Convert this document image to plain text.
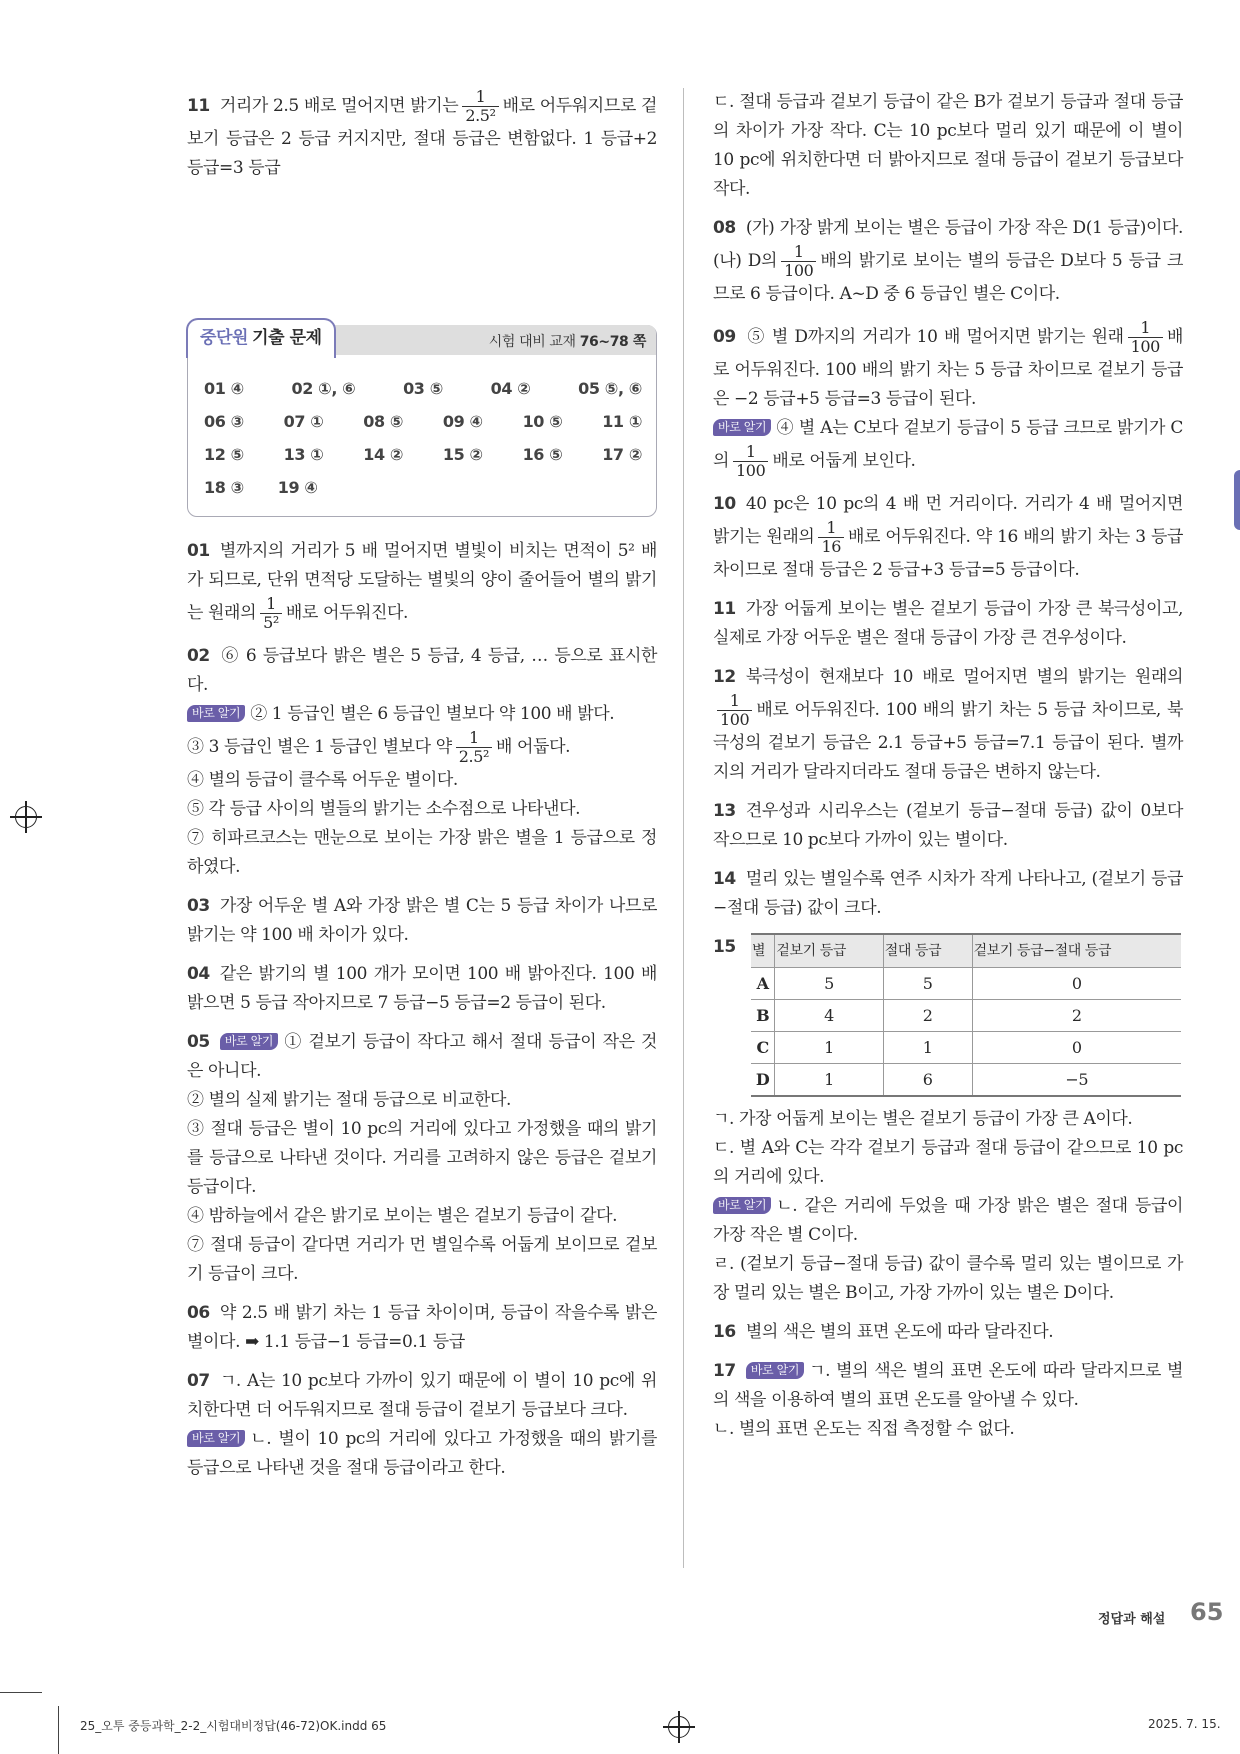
11 거리가 2.5 배로 멀어지면 밝기는 $\frac{1}{\text{2.5²}}$ 배로 어두워지므로 겉보기 등급은 2 등급 커지지만, 절대 등급은 변함없다. 1 등급+2 등급=3 등급

시험 대비 교재 76~78 쪽
중단원 기출 문제
01 ④	02 ①, ⑥	03 ⑤	04 ②	05 ⑤, ⑥
06 ③ 07 ① 08 ⑤ 09 ④ 10 ⑤ 11 ①
12 ⑤ 13 ① 14 ② 15 ② 16 ⑤ 17 ②
18 ③ 19 ④

01 별까지의 거리가 5 배 멀어지면 별빛이 비치는 면적이 5² 배가 되므로, 단위 면적당 도달하는 별빛의 양이 줄어들어 별의 밝기는 원래의 $\frac{1}{\text{5²}}$ 배로 어두워진다.

02 ⑥ 6 등급보다 밝은 별은 5 등급, 4 등급, … 등으로 표시한다.

바로 알기 ② 1 등급인 별은 6 등급인 별보다 약 100 배 밝다.

③ 3 등급인 별은 1 등급인 별보다 약 $\frac{1}{\text{2.5²}}$ 배 어둡다.

④ 별의 등급이 클수록 어두운 별이다.

⑤ 각 등급 사이의 별들의 밝기는 소수점으로 나타낸다.

⑦ 히파르코스는 맨눈으로 보이는 가장 밝은 별을 1 등급으로 정하였다.

03 가장 어두운 별 A와 가장 밝은 별 C는 5 등급 차이가 나므로 밝기는 약 100 배 차이가 있다.

04 같은 밝기의 별 100 개가 모이면 100 배 밝아진다. 100 배 밝으면 5 등급 작아지므로 7 등급−5 등급=2 등급이 된다.

05 바로 알기 ① 겉보기 등급이 작다고 해서 절대 등급이 작은 것은 아니다.

② 별의 실제 밝기는 절대 등급으로 비교한다.

③ 절대 등급은 별이 10 pc의 거리에 있다고 가정했을 때의 밝기를 등급으로 나타낸 것이다. 거리를 고려하지 않은 등급은 겉보기 등급이다.

④ 밤하늘에서 같은 밝기로 보이는 별은 겉보기 등급이 같다.

⑦ 절대 등급이 같다면 거리가 먼 별일수록 어둡게 보이므로 겉보기 등급이 크다.

06 약 2.5 배 밝기 차는 1 등급 차이이며, 등급이 작을수록 밝은 별이다. ➡ 1.1 등급−1 등급=0.1 등급

07 ㄱ. A는 10 pc보다 가까이 있기 때문에 이 별이 10 pc에 위치한다면 더 어두워지므로 절대 등급이 겉보기 등급보다 크다.

바로 알기 ㄴ. 별이 10 pc의 거리에 있다고 가정했을 때의 밝기를 등급으로 나타낸 것을 절대 등급이라고 한다.

ㄷ. 절대 등급과 겉보기 등급이 같은 B가 겉보기 등급과 절대 등급의 차이가 가장 작다. C는 10 pc보다 멀리 있기 때문에 이 별이 10 pc에 위치한다면 더 밝아지므로 절대 등급이 겉보기 등급보다 작다.

08 (가) 가장 밝게 보이는 별은 등급이 가장 작은 D(1 등급)이다. (나) D의 $\frac{1}{100}$ 배의 밝기로 보이는 별의 등급은 D보다 5 등급 크므로 6 등급이다. A~D 중 6 등급인 별은 C이다.

09 ⑤ 별 D까지의 거리가 10 배 멀어지면 밝기는 원래 $\frac{1}{100}$ 배로 어두워진다. 100 배의 밝기 차는 5 등급 차이므로 겉보기 등급은 −2 등급+5 등급=3 등급이 된다.

바로 알기 ④ 별 A는 C보다 겉보기 등급이 5 등급 크므로 밝기가 C의 $\frac{1}{100}$ 배로 어둡게 보인다.

10 40 pc은 10 pc의 4 배 먼 거리이다. 거리가 4 배 멀어지면 밝기는 원래의 $\frac{1}{16}$ 배로 어두워진다. 약 16 배의 밝기 차는 3 등급 차이므로 절대 등급은 2 등급+3 등급=5 등급이다.

11 가장 어둡게 보이는 별은 겉보기 등급이 가장 큰 북극성이고, 실제로 가장 어두운 별은 절대 등급이 가장 큰 견우성이다.

12 북극성이 현재보다 10 배로 멀어지면 별의 밝기는 원래의
$\frac{1}{100}$ 배로 어두워진다. 100 배의 밝기 차는 5 등급 차이므로, 북극성의 겉보기 등급은 2.1 등급+5 등급=7.1 등급이 된다. 별까지의 거리가 달라지더라도 절대 등급은 변하지 않는다.

13 견우성과 시리우스는 (겉보기 등급−절대 등급) 값이 0보다 작으므로 10 pc보다 가까이 있는 별이다.

14 멀리 있는 별일수록 연주 시차가 작게 나타나고, (겉보기 등급−절대 등급) 값이 크다.

15	별	겉보기 등급	절대 등급	겉보기 등급−절대 등급
A	5	5	0
B	4	2	2
C	1	1	0
D	1	6	−5

ㄱ. 가장 어둡게 보이는 별은 겉보기 등급이 가장 큰 A이다.

ㄷ. 별 A와 C는 각각 겉보기 등급과 절대 등급이 같으므로 10 pc의 거리에 있다.

바로 알기 ㄴ. 같은 거리에 두었을 때 가장 밝은 별은 절대 등급이 가장 작은 별 C이다.

ㄹ. (겉보기 등급−절대 등급) 값이 클수록 멀리 있는 별이므로 가장 멀리 있는 별은 B이고, 가장 가까이 있는 별은 D이다.

16 별의 색은 별의 표면 온도에 따라 달라진다.

17 바로 알기 ㄱ. 별의 색은 별의 표면 온도에 따라 달라지므로 별의 색을 이용하여 별의 표면 온도를 알아낼 수 있다.

ㄴ. 별의 표면 온도는 직접 측정할 수 없다.

정답과 해설 65
25_오투 중등과학_2-2_시험대비정답(46-72)OK.indd 65	2025. 7. 15.
